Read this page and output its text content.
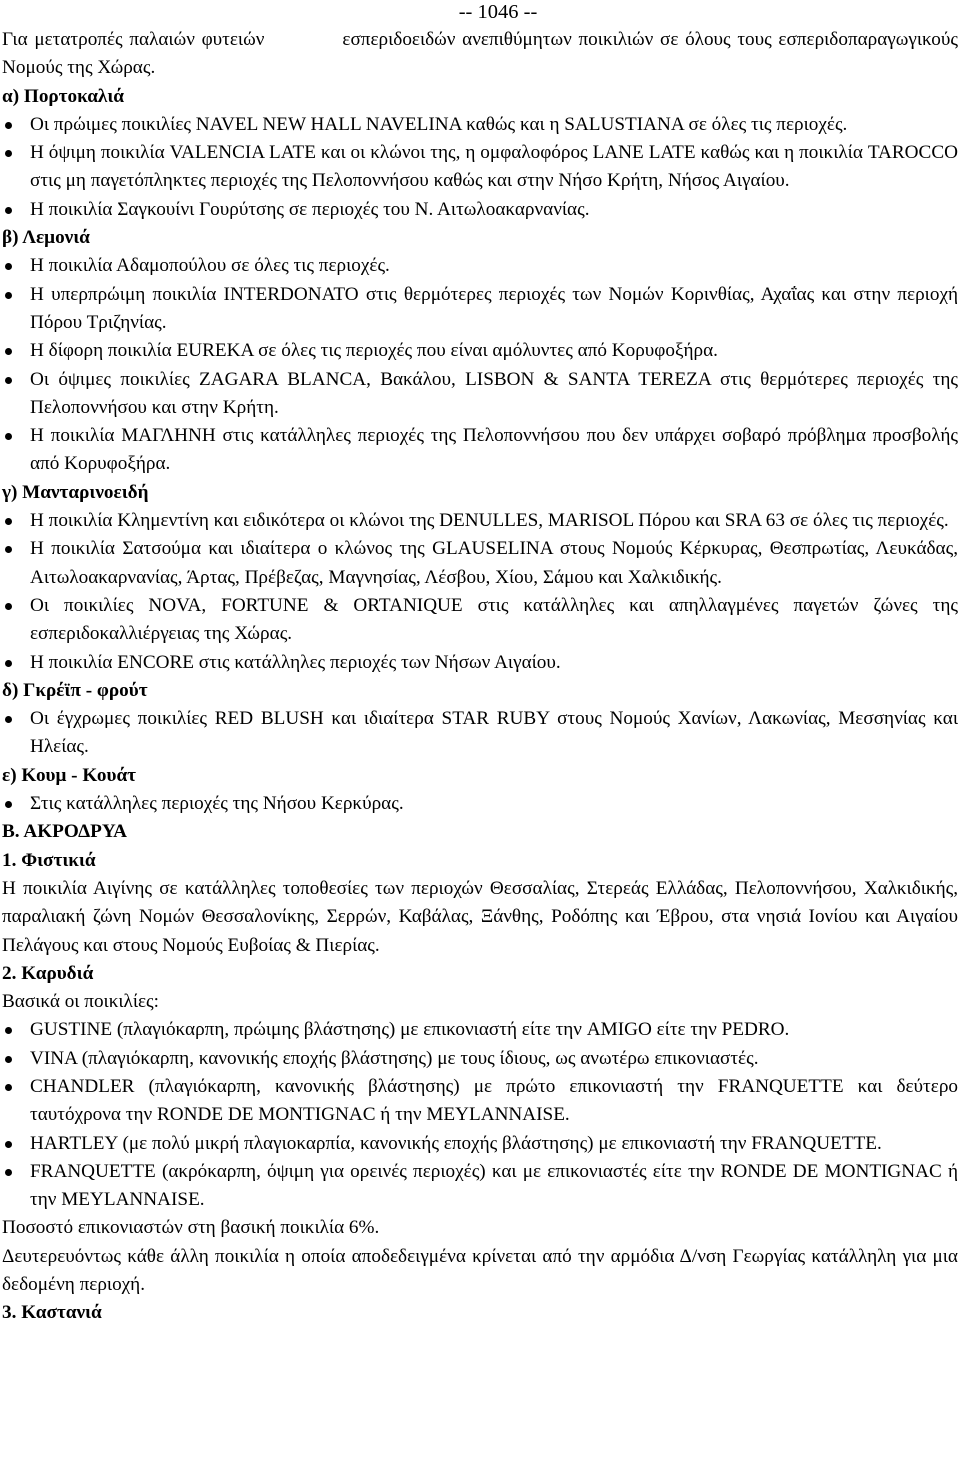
-- 1046 --

Για μετατροπές παλαιών φυτειών	εσπεριδοειδών ανεπιθύμητων ποικιλιών σε όλους τους εσπεριδοπαραγωγικούς Νομούς της Χώρας.

α) Πορτοκαλιά

Οι πρώιμες ποικιλίες NAVEL NEW HALL NAVELINA καθώς και η SALUSTIANA σε όλες τις περιοχές.
Η όψιμη ποικιλία VALENCIA LATE και οι κλώνοι της, η ομφαλοφόρος LANE LATE καθώς και η ποικιλία TAROCCO στις μη παγετόπληκτες περιοχές της Πελοποννήσου καθώς και στην Νήσο Κρήτη, Νήσος Αιγαίου.
Η ποικιλία Σαγκουίνι Γουρύτσης σε περιοχές του Ν. Αιτωλοακαρνανίας.

β) Λεμονιά

Η ποικιλία Αδαμοπούλου σε όλες τις περιοχές.
Η υπερπρώιμη ποικιλία INTERDONATO στις θερμότερες περιοχές των Νομών Κορινθίας, Αχαΐας και στην περιοχή Πόρου Τριζηνίας.
Η δίφορη ποικιλία EUREKA σε όλες τις περιοχές που είναι αμόλυντες από Κορυφοξήρα.
Οι όψιμες ποικιλίες ZAGARA BLANCA, Βακάλου, LISBON & SANTA TEREZA στις θερμότερες περιοχές της Πελοποννήσου και στην Κρήτη.
Η ποικιλία ΜΑΓΛΗΝΗ στις κατάλληλες περιοχές της Πελοποννήσου που δεν υπάρχει σοβαρό πρόβλημα προσβολής από Κορυφοξήρα.

γ) Μανταρινοειδή

Η ποικιλία Κλημεντίνη και ειδικότερα οι κλώνοι της DENULLES, MARISOL Πόρου και SRA 63 σε όλες τις περιοχές.
Η ποικιλία Σατσούμα και ιδιαίτερα ο κλώνος της GLAUSELINA στους Νομούς Κέρκυρας, Θεσπρωτίας, Λευκάδας, Αιτωλοακαρνανίας, Άρτας, Πρέβεζας, Μαγνησίας, Λέσβου, Χίου, Σάμου και Χαλκιδικής.
Οι ποικιλίες NOVA, FORTUNE & ORTANIQUE στις κατάλληλες και απηλλαγμένες παγετών ζώνες της εσπεριδοκαλλιέργειας της Χώρας.
Η ποικιλία ENCORE στις κατάλληλες περιοχές των Νήσων Αιγαίου.

δ) Γκρέϊπ - φρούτ

Οι έγχρωμες ποικιλίες RED BLUSH και ιδιαίτερα STAR RUBY στους Νομούς Χανίων, Λακωνίας, Μεσσηνίας και Ηλείας.

ε) Κουμ - Κουάτ

Στις κατάλληλες περιοχές της Νήσου Κερκύρας.

Β. ΑΚΡΟΔΡΥΑ

1. Φιστικιά

Η ποικιλία Αιγίνης σε κατάλληλες τοποθεσίες των περιοχών Θεσσαλίας, Στερεάς Ελλάδας, Πελοποννήσου, Χαλκιδικής, παραλιακή ζώνη Νομών Θεσσαλονίκης, Σερρών, Καβάλας, Ξάνθης, Ροδόπης και Έβρου, στα νησιά Ιονίου και Αιγαίου Πελάγους και στους Νομούς Ευβοίας & Πιερίας.

2. Καρυδιά

Βασικά οι ποικιλίες:

GUSTINE (πλαγιόκαρπη, πρώιμης βλάστησης) με επικονιαστή είτε την AMIGO είτε την PEDRO.
VINA (πλαγιόκαρπη, κανονικής εποχής βλάστησης) με τους ίδιους, ως ανωτέρω επικονιαστές.
CHANDLER (πλαγιόκαρπη, κανονικής βλάστησης) με πρώτο επικονιαστή την FRANQUETTE και δεύτερο ταυτόχρονα την RONDE DE MONTIGNAC ή την MEYLANNAISE.
HARTLEY (με πολύ μικρή πλαγιοκαρπία, κανονικής εποχής βλάστησης) με επικονιαστή την FRANQUETTE.
FRANQUETTE (ακρόκαρπη, όψιμη για ορεινές περιοχές) και με επικονιαστές είτε την RONDE DE MONTIGNAC ή την MEYLANNAISE.

Ποσοστό επικονιαστών στη βασική ποικιλία 6%.

Δευτερευόντως κάθε άλλη ποικιλία η οποία αποδεδειγμένα κρίνεται από την αρμόδια Δ/νση Γεωργίας κατάλληλη για μια δεδομένη περιοχή.

3. Καστανιά
